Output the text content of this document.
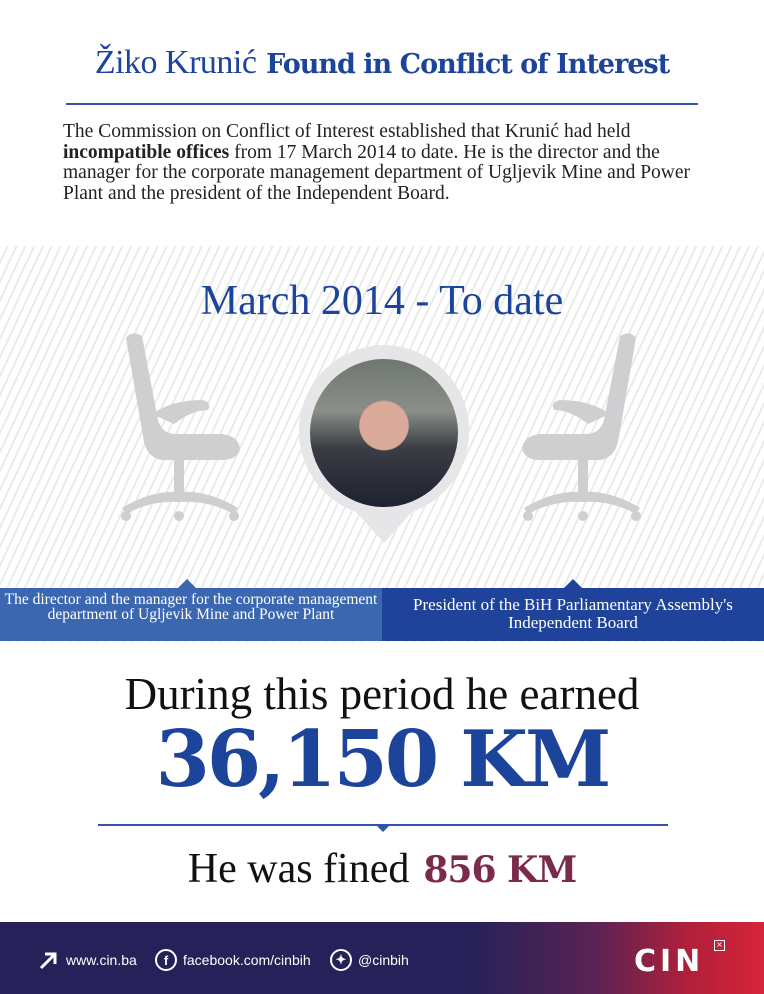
Žiko Krunić Found in Conflict of Interest

The Commission on Conflict of Interest established that Krunić had held incompatible offices from 17 March 2014 to date. He is the director and the manager for the corporate management department of Ugljevik Mine and Power Plant and the president of the Independent Board.

March 2014 - To date
The director and the manager for the corporate management department of Ugljevik Mine and Power Plant
President of the BiH Parliamentary Assembly's Independent Board
During this period he earned
36,150 KM
He was fined 856 KM
www.cin.ba	f	facebook.com/cinbih	✦ @cinbih	CIN ×
